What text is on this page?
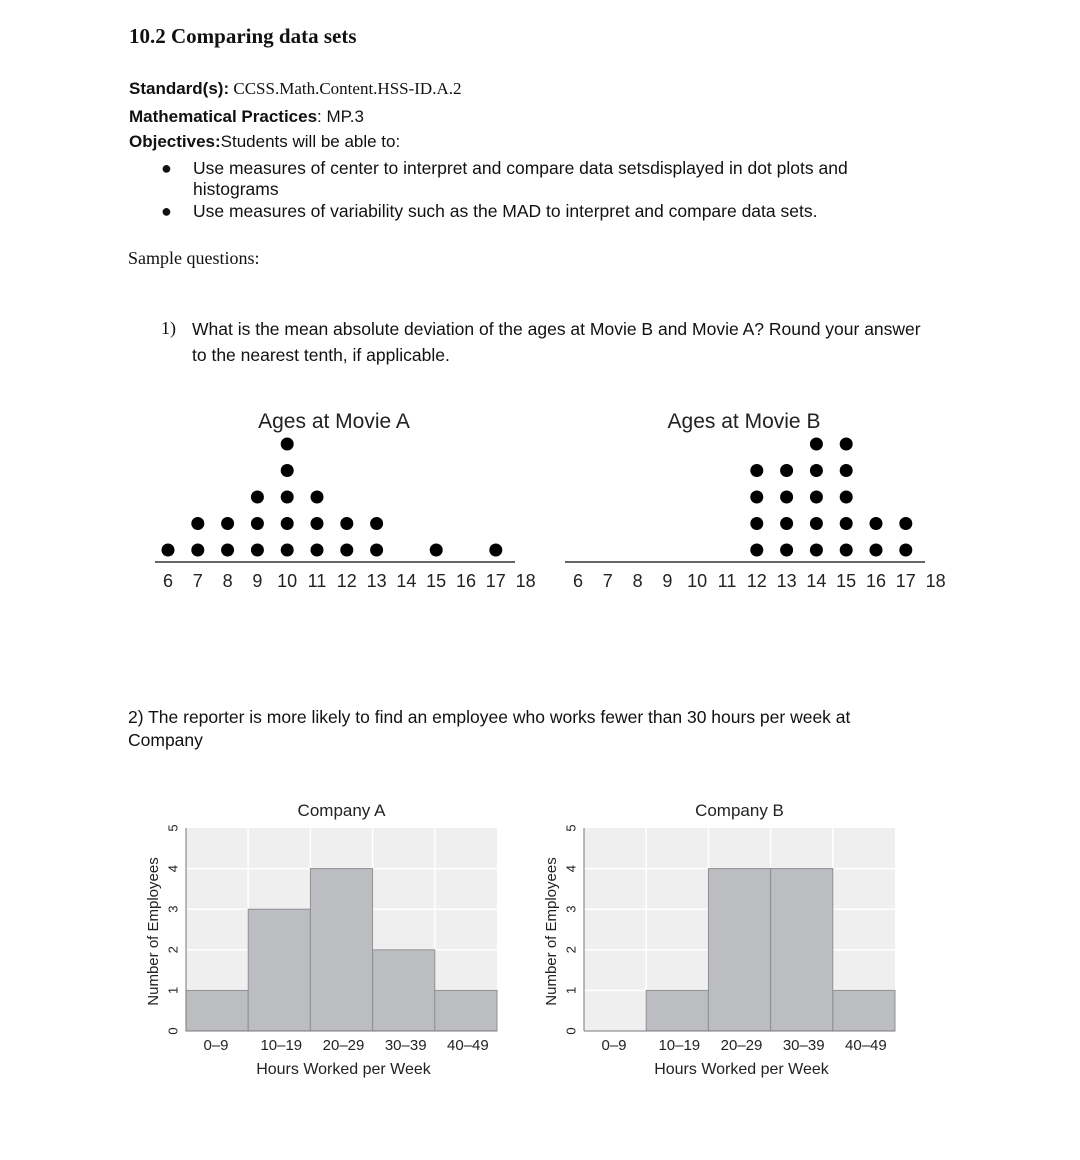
10.2 Comparing data sets
Standard(s): CCSS.Math.Content.HSS-ID.A.2
Mathematical Practices: MP.3
Objectives:Students will be able to:
● Use measures of center to interpret and compare data setsdisplayed in dot plots and histograms
● Use measures of variability such as the MAD to interpret and compare data sets.
Sample questions:
1) What is the mean absolute deviation of the ages at Movie B and Movie A? Round your answer to the nearest tenth, if applicable.
Ages at Movie A
6 7 8 9 10 11 12 13 14 15 16 17 18
Ages at Movie B
6 7 8 9 10 11 12 13 14 15 16 17 18
2) The reporter is more likely to find an employee who works fewer than 30 hours per week at Company
Company A
0
1
2
3
4
5
0–9 10–19 20–29 30–39 40–49
Hours Worked per Week
Number of Employees
Company B
0
1
2
3
4
5
0–9 10–19 20–29 30–39 40–49
Hours Worked per Week
Number of Employees
